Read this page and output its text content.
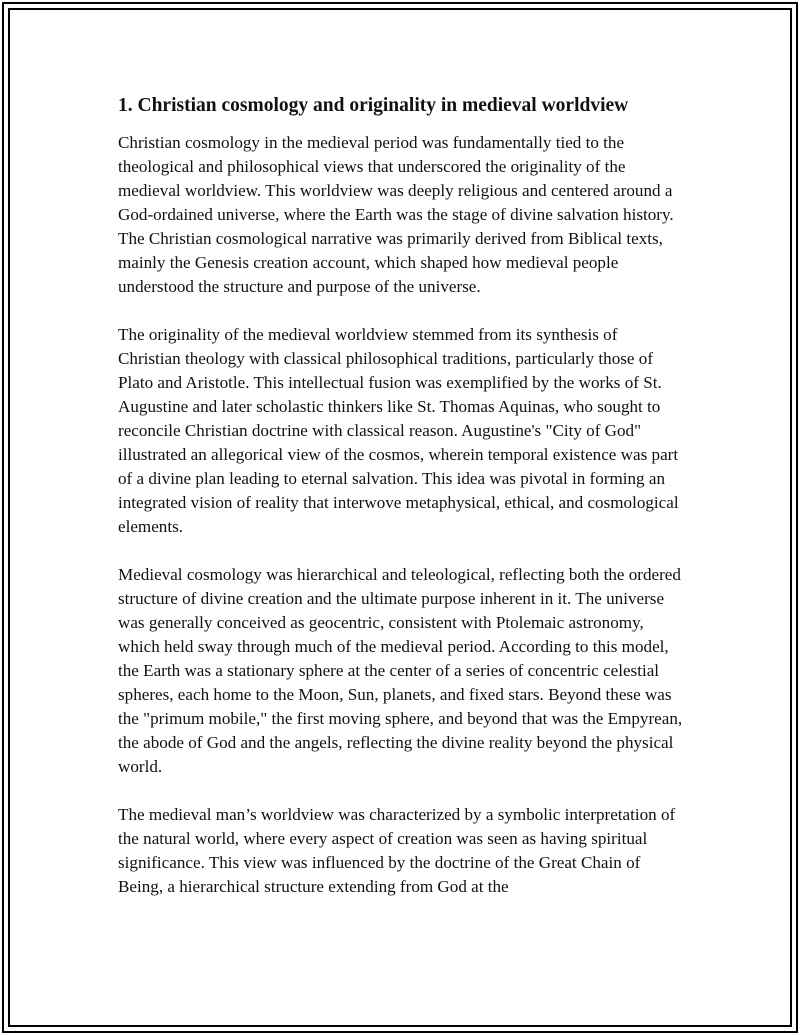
1. Christian cosmology and originality in medieval worldview

Christian cosmology in the medieval period was fundamentally tied to the theological and philosophical views that underscored the originality of the medieval worldview. This worldview was deeply religious and centered around a God-ordained universe, where the Earth was the stage of divine salvation history. The Christian cosmological narrative was primarily derived from Biblical texts, mainly the Genesis creation account, which shaped how medieval people understood the structure and purpose of the universe.

The originality of the medieval worldview stemmed from its synthesis of Christian theology with classical philosophical traditions, particularly those of Plato and Aristotle. This intellectual fusion was exemplified by the works of St. Augustine and later scholastic thinkers like St. Thomas Aquinas, who sought to reconcile Christian doctrine with classical reason. Augustine's "City of God" illustrated an allegorical view of the cosmos, wherein temporal existence was part of a divine plan leading to eternal salvation. This idea was pivotal in forming an integrated vision of reality that interwove metaphysical, ethical, and cosmological elements.

Medieval cosmology was hierarchical and teleological, reflecting both the ordered structure of divine creation and the ultimate purpose inherent in it. The universe was generally conceived as geocentric, consistent with Ptolemaic astronomy, which held sway through much of the medieval period. According to this model, the Earth was a stationary sphere at the center of a series of concentric celestial spheres, each home to the Moon, Sun, planets, and fixed stars. Beyond these was the "primum mobile," the first moving sphere, and beyond that was the Empyrean, the abode of God and the angels, reflecting the divine reality beyond the physical world.

The medieval man’s worldview was characterized by a symbolic interpretation of the natural world, where every aspect of creation was seen as having spiritual significance. This view was influenced by the doctrine of the Great Chain of Being, a hierarchical structure extending from God at the
